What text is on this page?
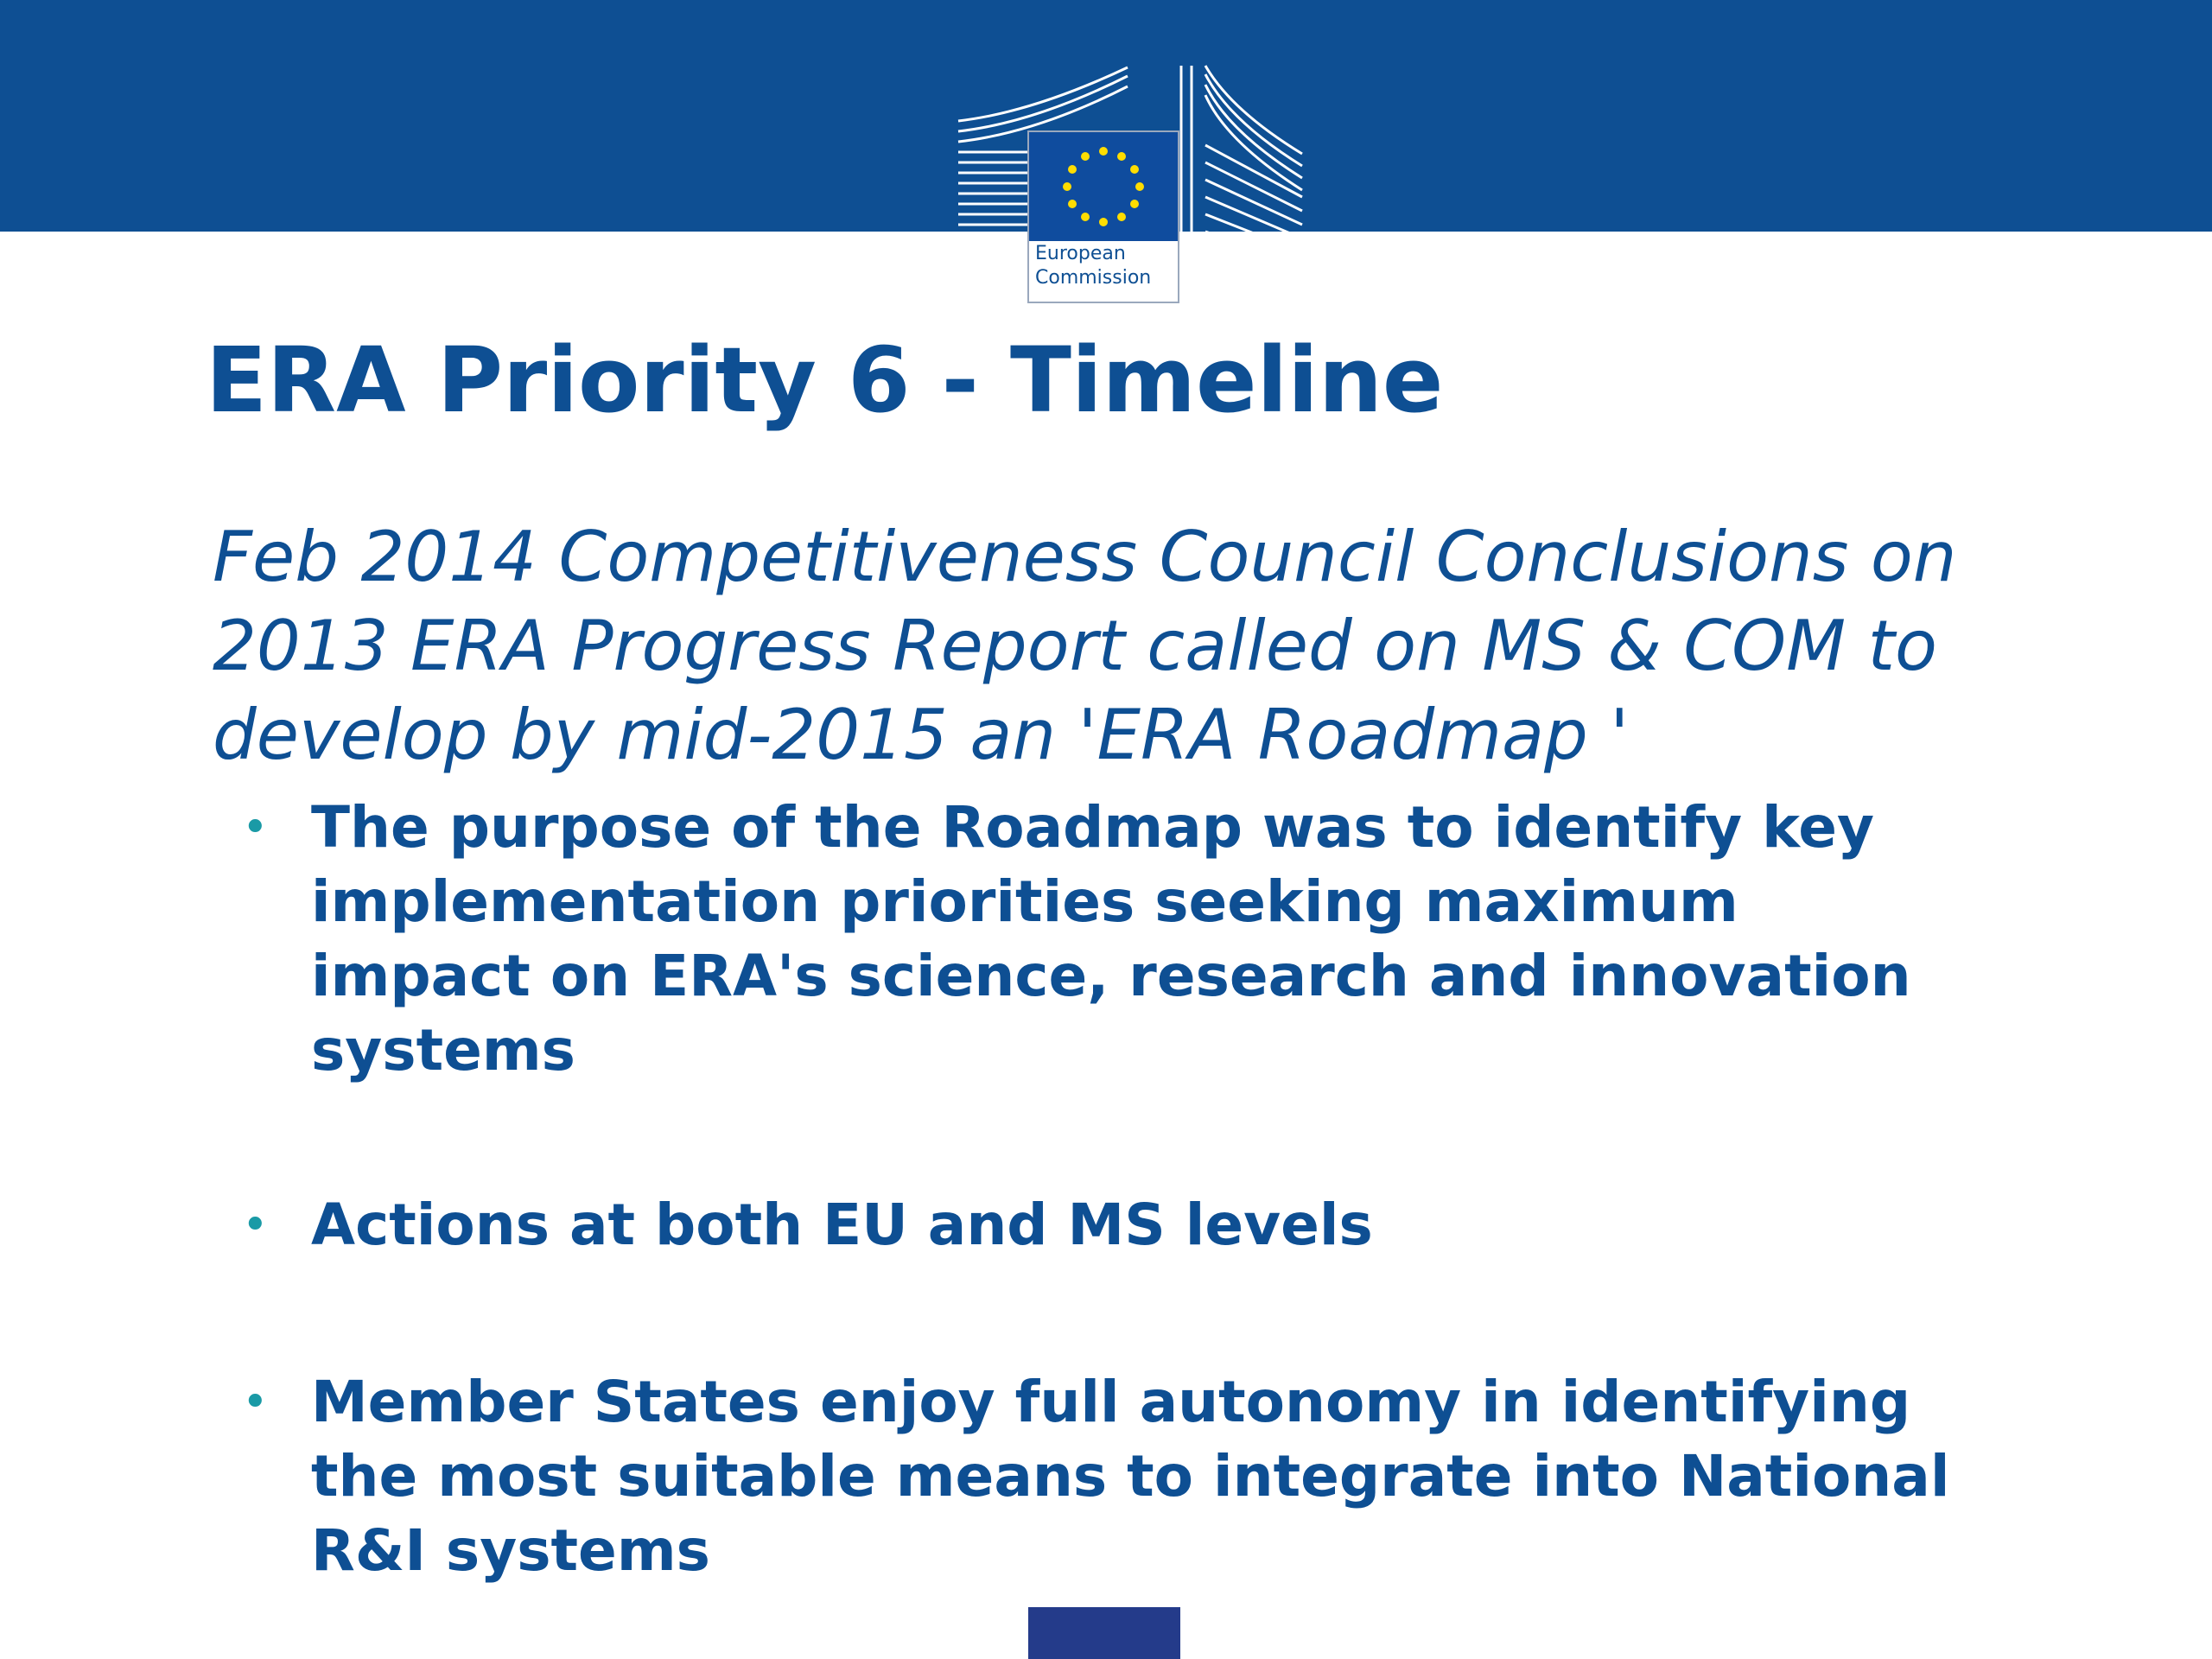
European
Commission
ERA Priority 6 - Timeline

Feb 2014 Competitiveness Council Conclusions on
2013 ERA Progress Report called on MS & COM to
develop by mid-2015 an 'ERA Roadmap '

• The purpose of the Roadmap was to identify key
implementation priorities seeking maximum
impact on ERA's science, research and innovation
systems
• Actions at both EU and MS levels
• Member States enjoy full autonomy in identifying
the most suitable means to integrate into National
R&I systems
